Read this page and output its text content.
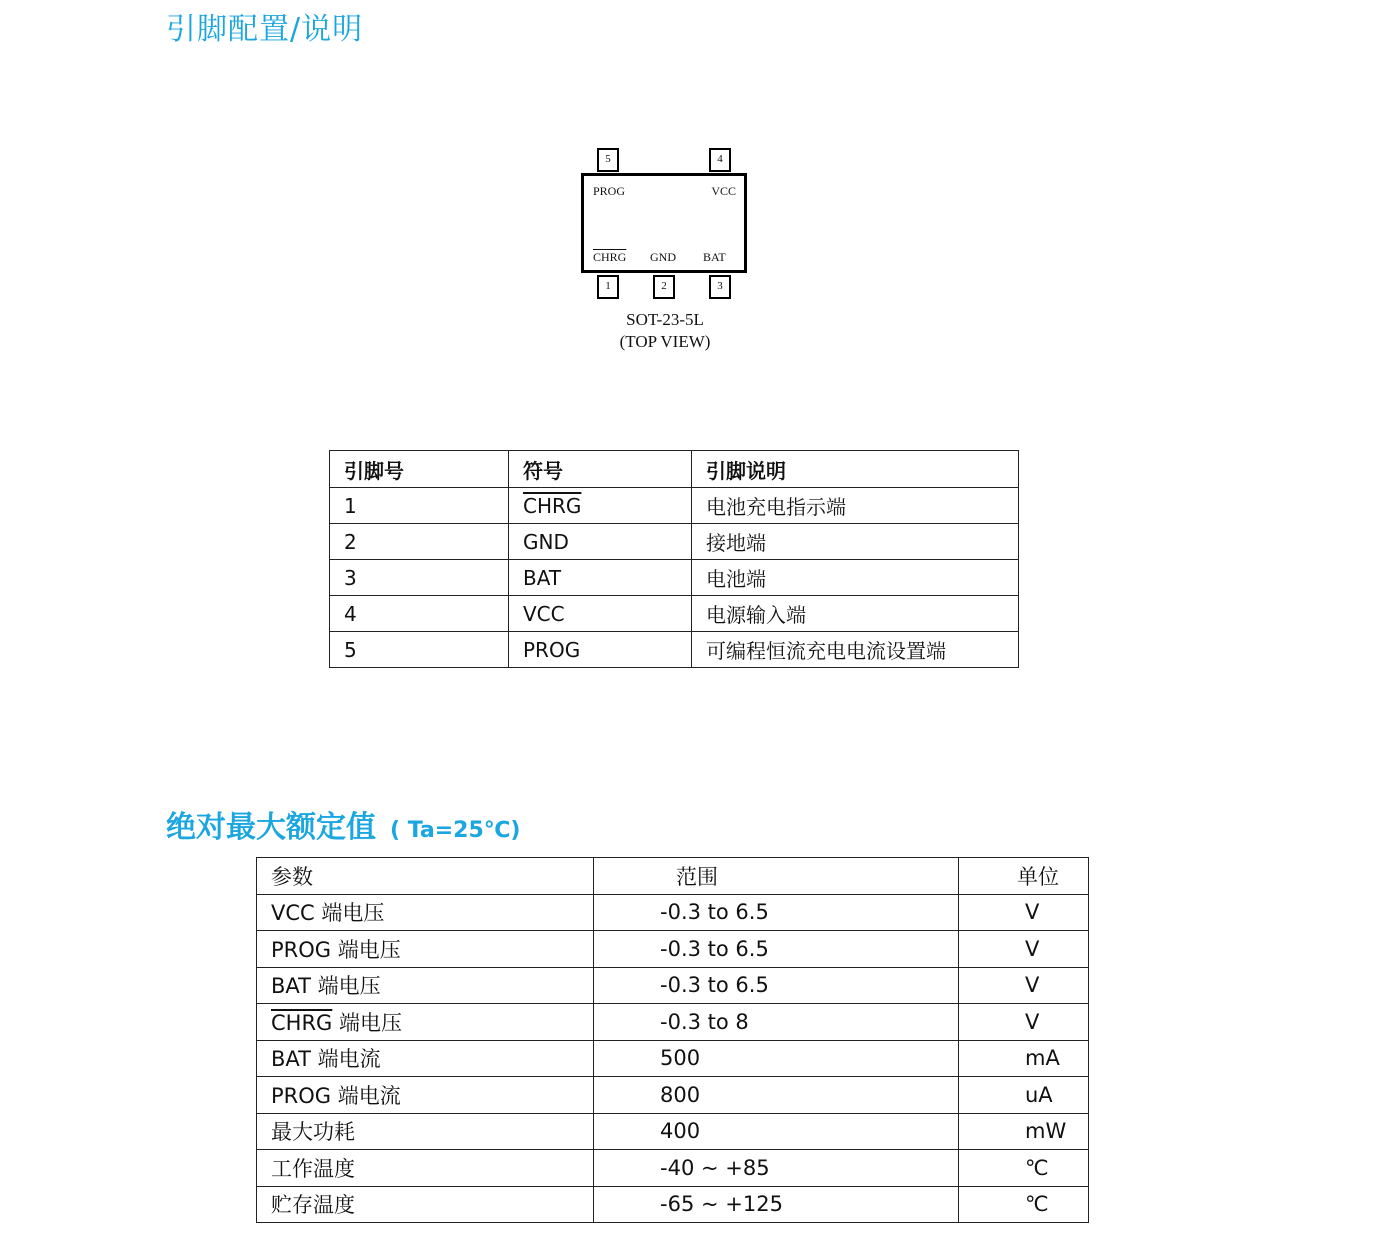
引脚配置/说明
5	4
PROG	VCC
CHRG GND BAT
1	2	3
SOT-23-5L
(TOP VIEW)
引脚号	符号	引脚说明
1	CHRG	电池充电指示端
2	GND	接地端
3	BAT	电池端
4	VCC	电源输入端
5	PROG	可编程恒流充电电流设置端
绝对最大额定值 ( Ta=25℃)
参数	范围	单位
VCC 端电压	-0.3 to 6.5	V
PROG 端电压	-0.3 to 6.5	V
BAT 端电压	-0.3 to 6.5	V
CHRG 端电压	-0.3 to 8	V
BAT 端电流	500	mA
PROG 端电流	800	uA
最大功耗	400	mW
工作温度	-40 ~ +85	℃
贮存温度	-65 ~ +125	℃
